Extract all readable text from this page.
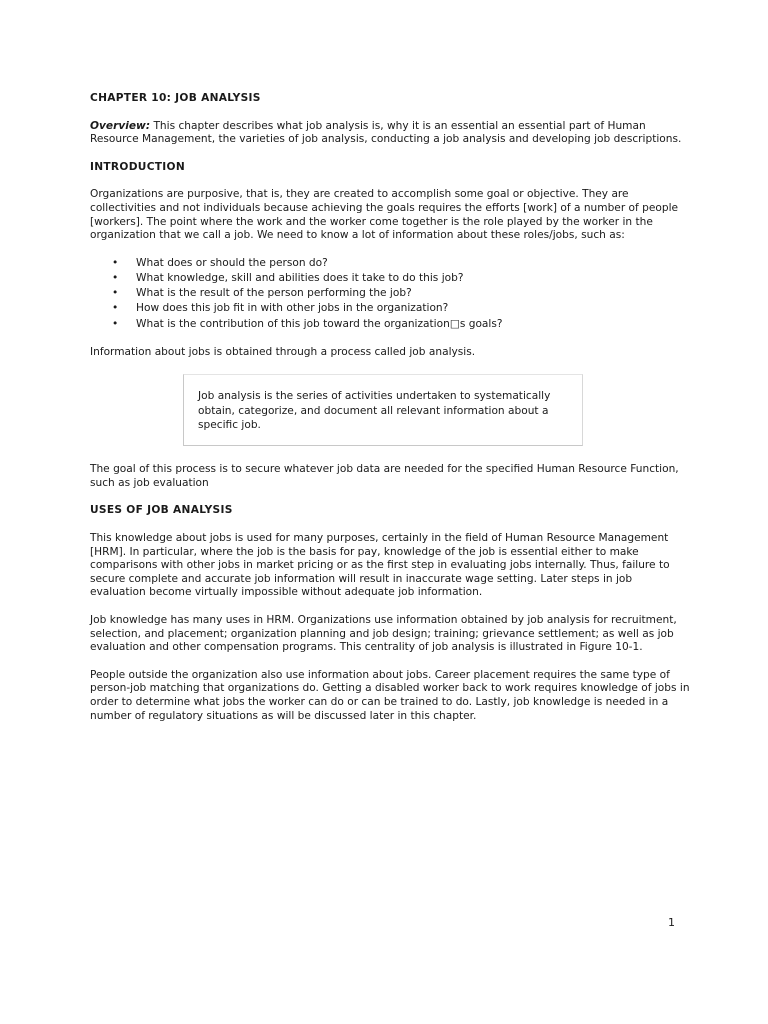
CHAPTER 10: JOB ANALYSIS

Overview: This chapter describes what job analysis is, why it is an essential an essential part of Human Resource Management, the varieties of job analysis, conducting a job analysis and developing job descriptions.

INTRODUCTION

Organizations are purposive, that is, they are created to accomplish some goal or objective. They are collectivities and not individuals because achieving the goals requires the efforts [work] of a number of people [workers]. The point where the work and the worker come together is the role played by the worker in the organization that we call a job. We need to know a lot of information about these roles/jobs, such as:

• What does or should the person do?
• What knowledge, skill and abilities does it take to do this job?
• What is the result of the person performing the job?
• How does this job fit in with other jobs in the organization?
• What is the contribution of this job toward the organization□s goals?

Information about jobs is obtained through a process called job analysis.

Job analysis is the series of activities undertaken to systematically obtain, categorize, and document all relevant information about a specific job.

The goal of this process is to secure whatever job data are needed for the specified Human Resource Function, such as job evaluation

USES OF JOB ANALYSIS

This knowledge about jobs is used for many purposes, certainly in the field of Human Resource Management [HRM]. In particular, where the job is the basis for pay, knowledge of the job is essential either to make comparisons with other jobs in market pricing or as the first step in evaluating jobs internally. Thus, failure to secure complete and accurate job information will result in inaccurate wage setting. Later steps in job evaluation become virtually impossible without adequate job information.

Job knowledge has many uses in HRM. Organizations use information obtained by job analysis for recruitment, selection, and placement; organization planning and job design; training; grievance settlement; as well as job evaluation and other compensation programs. This centrality of job analysis is illustrated in Figure 10-1.

People outside the organization also use information about jobs. Career placement requires the same type of person-job matching that organizations do. Getting a disabled worker back to work requires knowledge of jobs in order to determine what jobs the worker can do or can be trained to do. Lastly, job knowledge is needed in a number of regulatory situations as will be discussed later in this chapter.

1
